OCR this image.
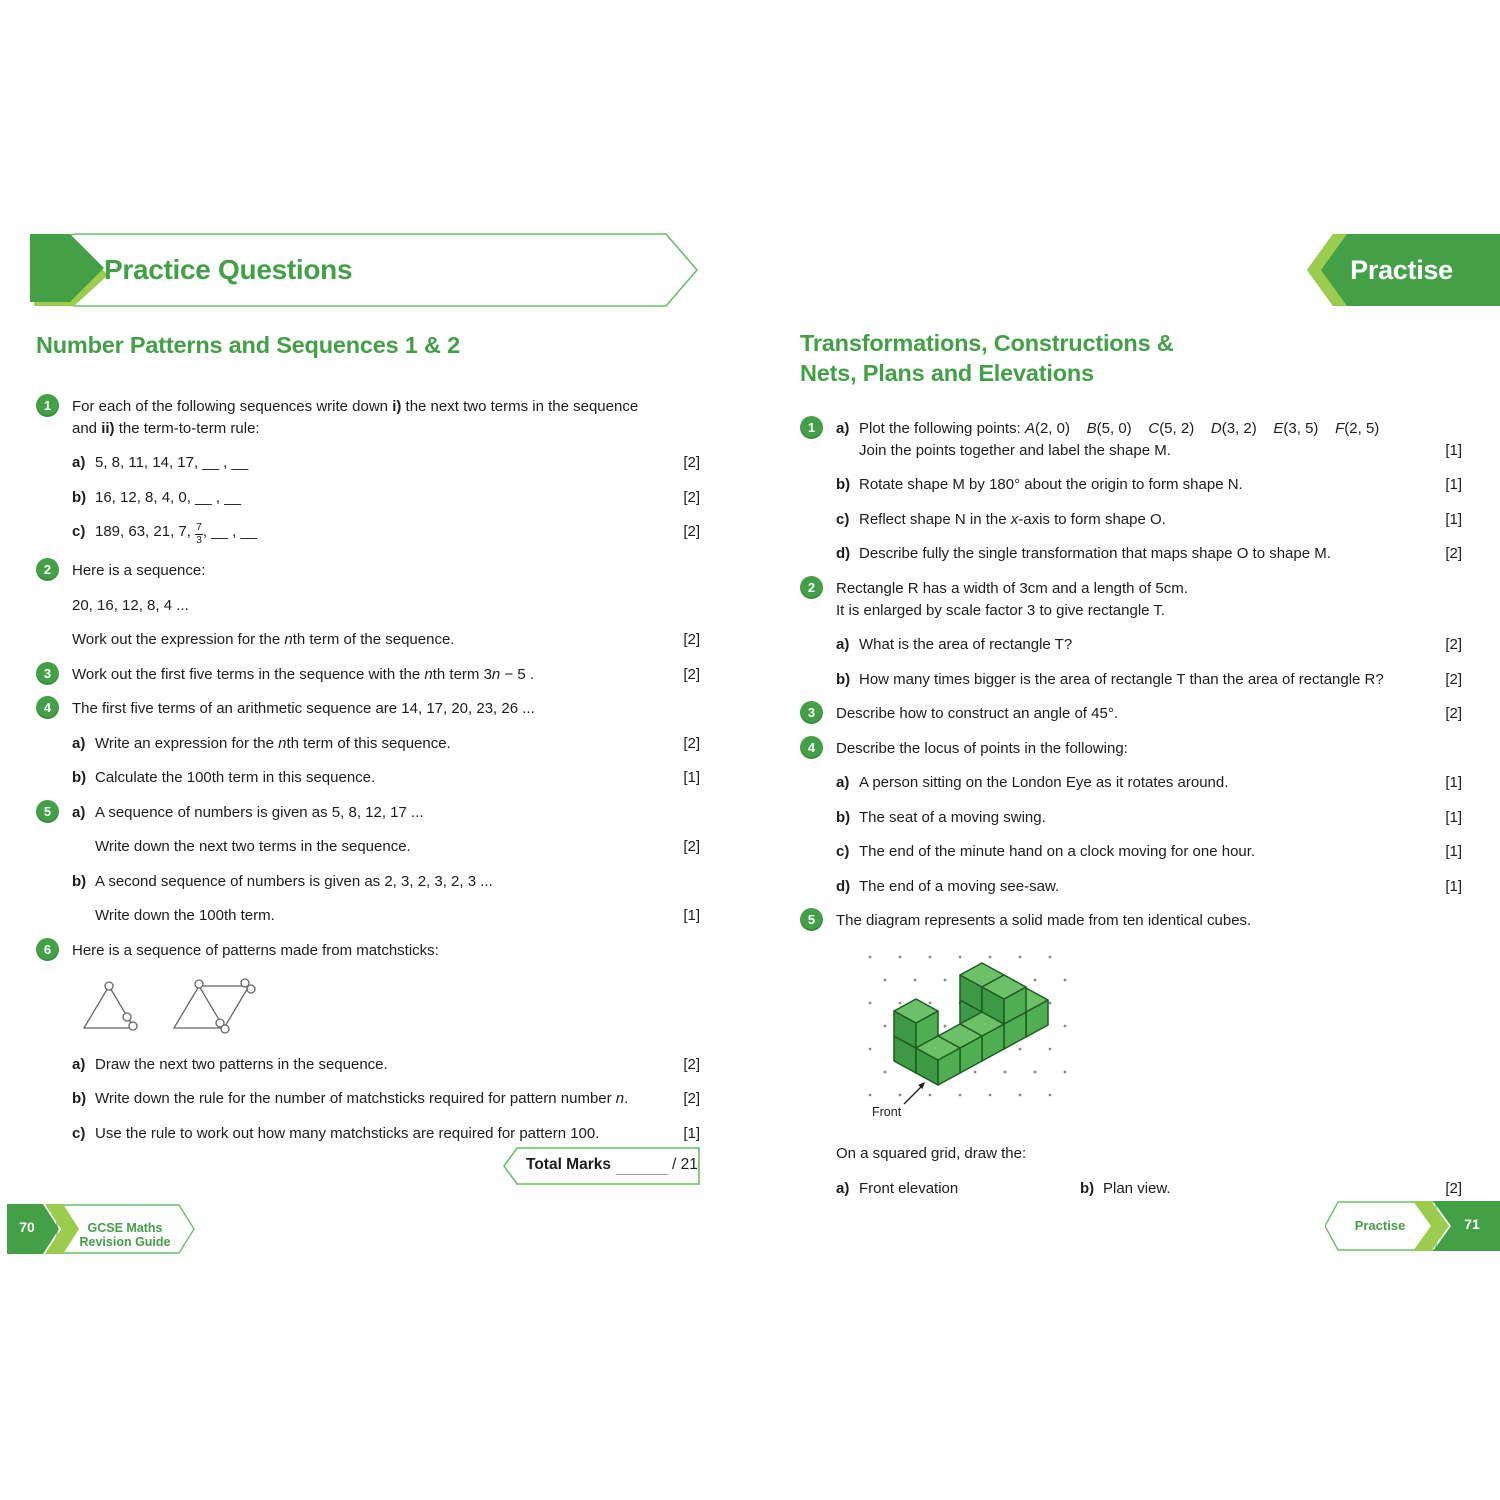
Practice Questions	Practise
Number Patterns and Sequences 1 & 2	Transformations, Constructions &
Nets, Plans and Elevations
1	For each of the following sequences write down i) the next two terms in the sequence
and ii) the term-to-term rule:
a) 5, 8, 11, 14, 17, __ , __	[2]
b) 16, 12, 8, 4, 0, __ , __	[2]
c) 189, 63, 21, 7, $\frac{7}{3}$ , __ , __	[2]
2	Here is a sequence:
20, 16, 12, 8, 4 ...
Work out the expression for the nth term of the sequence.	[2]
3	Work out the first five terms in the sequence with the nth term 3n − 5 .	[2]
4	The first five terms of an arithmetic sequence are 14, 17, 20, 23, 26 ...
a) Write an expression for the nth term of this sequence.	[2]
b) Calculate the 100th term in this sequence.	[1]
5	a) A sequence of numbers is given as 5, 8, 12, 17 ...
Write down the next two terms in the sequence.	[2]
b) A second sequence of numbers is given as 2, 3, 2, 3, 2, 3 ...
Write down the 100th term.	[1]
6	Here is a sequence of patterns made from matchsticks:
a) Draw the next two patterns in the sequence.	[2]
b) Write down the rule for the number of matchsticks required for pattern number n.	[2]
c) Use the rule to work out how many matchsticks are required for pattern 100.	[1]
1	a) Plot the following points: A(2, 0)    B(5, 0)    C(5, 2)    D(3, 2)    E(3, 5)    F(2, 5)
Join the points together and label the shape M.	[1]
b) Rotate shape M by 180° about the origin to form shape N.	[1]
c) Reflect shape N in the x-axis to form shape O.	[1]
d) Describe fully the single transformation that maps shape O to shape M.	[2]
2	Rectangle R has a width of 3cm and a length of 5cm.
It is enlarged by scale factor 3 to give rectangle T.
a) What is the area of rectangle T?	[2]
b) How many times bigger is the area of rectangle T than the area of rectangle R?	[2]
3	Describe how to construct an angle of 45°.	[2]
4	Describe the locus of points in the following:
a) A person sitting on the London Eye as it rotates around.	[1]
b) The seat of a moving swing.	[1]
c) The end of the minute hand on a clock moving for one hour.	[1]
d) The end of a moving see-saw.	[1]
5	The diagram represents a solid made from ten identical cubes.
Front
On a squared grid, draw the:
a) Front elevation	b) Plan view.	[2]
Total Marks	/ 21
70	GCSE Maths Revision Guide
Practise	71
